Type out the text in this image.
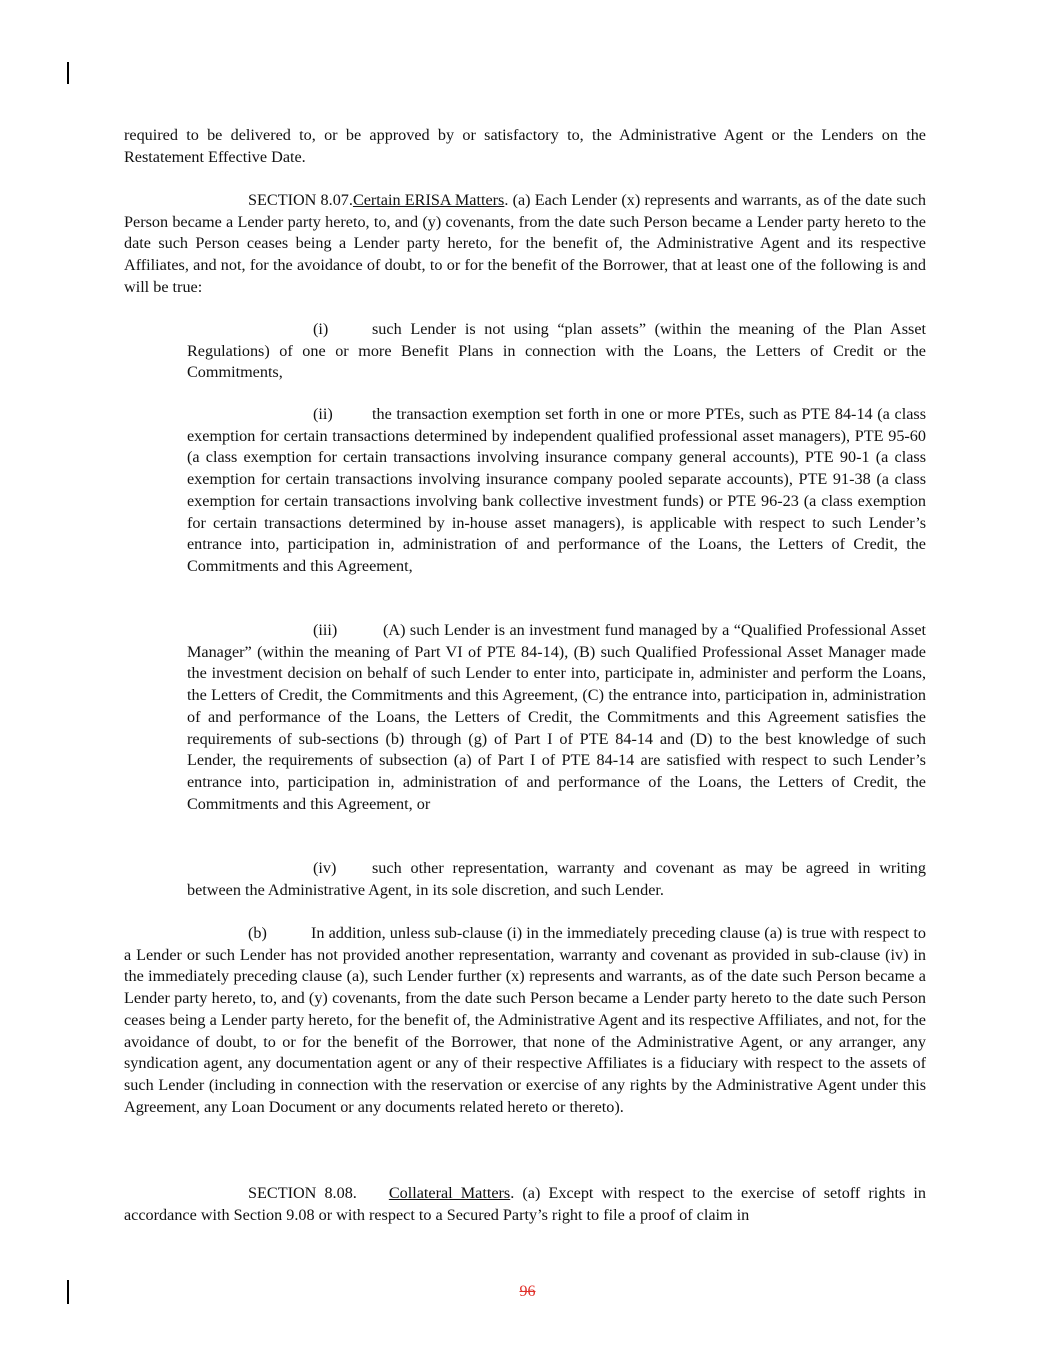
required to be delivered to, or be approved by or satisfactory to, the Administrative Agent or the Lenders on the Restatement Effective Date.

SECTION 8.07.Certain ERISA Matters. (a) Each Lender (x) represents and warrants, as of the date such Person became a Lender party hereto, to, and (y) covenants, from the date such Person became a Lender party hereto to the date such Person ceases being a Lender party hereto, for the benefit of, the Administrative Agent and its respective Affiliates, and not, for the avoidance of doubt, to or for the benefit of the Borrower, that at least one of the following is and will be true:

(i)	such Lender is not using “plan assets” (within the meaning of the Plan Asset Regulations) of one or more Benefit Plans in connection with the Loans, the Letters of Credit or the Commitments,

(ii) the transaction exemption set forth in one or more PTEs, such as PTE 84-14 (a class exemption for certain transactions determined by independent qualified professional asset managers), PTE 95-60 (a class exemption for certain transactions involving insurance company general accounts), PTE 90-1 (a class exemption for certain transactions involving insurance company pooled separate accounts), PTE 91-38 (a class exemption for certain transactions involving bank collective investment funds) or PTE 96-23 (a class exemption for certain transactions determined by in-house asset managers), is applicable with respect to such Lender’s entrance into, participation in, administration of and performance of the Loans, the Letters of Credit, the Commitments and this Agreement,

(iii)	(A) such Lender is an investment fund managed by a “Qualified Professional Asset Manager” (within the meaning of Part VI of PTE 84-14), (B) such Qualified Professional Asset Manager made the investment decision on behalf of such Lender to enter into, participate in, administer and perform the Loans, the Letters of Credit, the Commitments and this Agreement, (C) the entrance into, participation in, administration of and performance of the Loans, the Letters of Credit, the Commitments and this Agreement satisfies the requirements of sub-sections (b) through (g) of Part I of PTE 84-14 and (D) to the best knowledge of such Lender, the requirements of subsection (a) of Part I of PTE 84-14 are satisfied with respect to such Lender’s entrance into, participation in, administration of and performance of the Loans, the Letters of Credit, the Commitments and this Agreement, or

(iv) such other representation, warranty and covenant as may be agreed in writing between the Administrative Agent, in its sole discretion, and such Lender.

(b)	In addition, unless sub-clause (i) in the immediately preceding clause (a) is true with respect to a Lender or such Lender has not provided another representation, warranty and covenant as provided in sub-clause (iv) in the immediately preceding clause (a), such Lender further (x) represents and warrants, as of the date such Person became a Lender party hereto, to, and (y) covenants, from the date such Person became a Lender party hereto to the date such Person ceases being a Lender party hereto, for the benefit of, the Administrative Agent and its respective Affiliates, and not, for the avoidance of doubt, to or for the benefit of the Borrower, that none of the Administrative Agent, or any arranger, any syndication agent, any documentation agent or any of their respective Affiliates is a fiduciary with respect to the assets of such Lender (including in connection with the reservation or exercise of any rights by the Administrative Agent under this Agreement, any Loan Document or any documents related hereto or thereto).

SECTION 8.08. Collateral Matters. (a) Except with respect to the exercise of setoff rights in accordance with Section 9.08 or with respect to a Secured Party’s right to file a proof of claim in

96
